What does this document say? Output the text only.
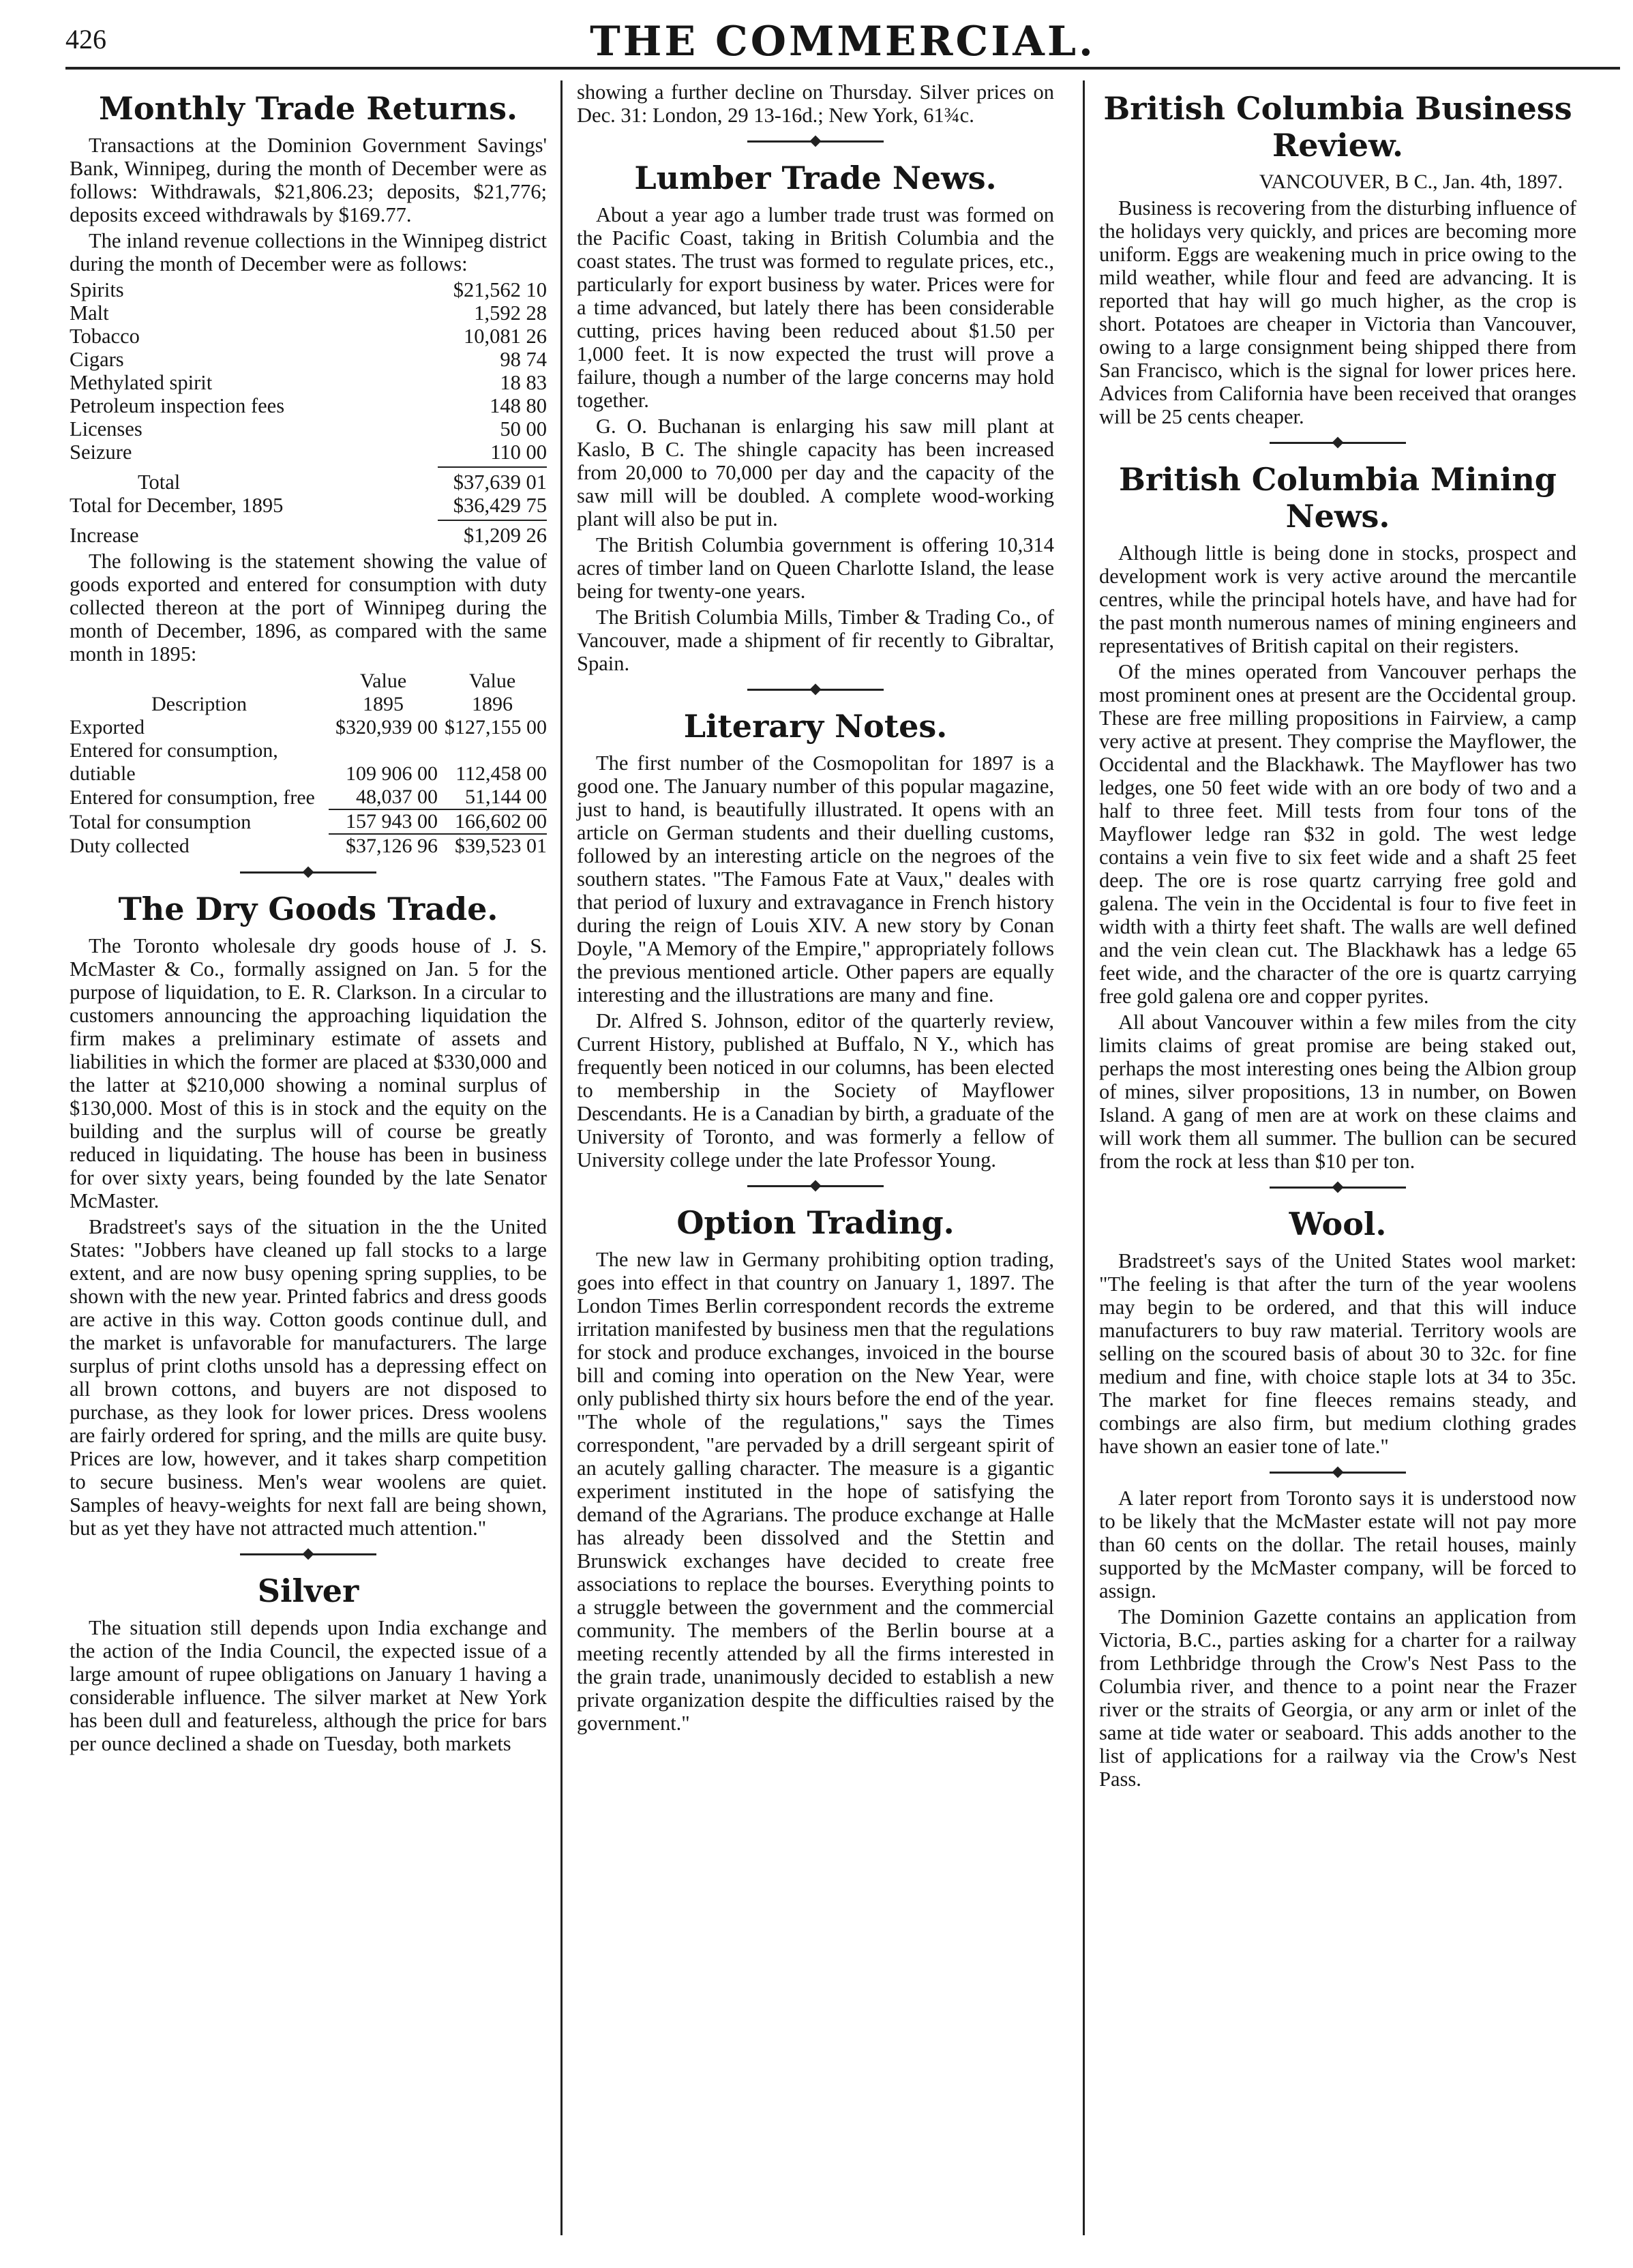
426	THE COMMERCIAL.
Monthly Trade Returns.

Transactions at the Dominion Government Savings' Bank, Winnipeg, during the month of December were as follows: Withdrawals, $21,806.23; deposits, $21,776; deposits exceed withdrawals by $169.77.

The inland revenue collections in the Winnipeg district during the month of December were as follows:

Spirits	$21,562 10
Malt	1,592 28
Tobacco	10,081 26
Cigars	98 74
Methylated spirit	18 83
Petroleum inspection fees	148 80
Licenses	50 00
Seizure	110 00
Total	$37,639 01
Total for December, 1895	$36,429 75
Increase	$1,209 26

The following is the statement showing the value of goods exported and entered for consumption with duty collected thereon at the port of Winnipeg during the month of December, 1896, as compared with the same month in 1895:

	Value	Value
Description	1895	1896
Exported	$320,939 00	$127,155 00
Entered for consumption, dutiable	109 906 00	112,458 00
Entered for consumption, free	48,037 00	51,144 00
Total for consumption	157 943 00	166,602 00
Duty collected	$37,126 96	$39,523 01
The Dry Goods Trade.

The Toronto wholesale dry goods house of J. S. McMaster & Co., formally assigned on Jan. 5 for the purpose of liquidation, to E. R. Clarkson. In a circular to customers announcing the approaching liquidation the firm makes a preliminary estimate of assets and liabilities in which the former are placed at $330,000 and the latter at $210,000 showing a nominal surplus of $130,000. Most of this is in stock and the equity on the building and the surplus will of course be greatly reduced in liquidating. The house has been in business for over sixty years, being founded by the late Senator McMaster.

Bradstreet's says of the situation in the the United States: "Jobbers have cleaned up fall stocks to a large extent, and are now busy opening spring supplies, to be shown with the new year. Printed fabrics and dress goods are active in this way. Cotton goods continue dull, and the market is unfavorable for manufacturers. The large surplus of print cloths unsold has a depressing effect on all brown cottons, and buyers are not disposed to purchase, as they look for lower prices. Dress woolens are fairly ordered for spring, and the mills are quite busy. Prices are low, however, and it takes sharp competition to secure business. Men's wear woolens are quiet. Samples of heavy-weights for next fall are being shown, but as yet they have not attracted much attention."

Silver

The situation still depends upon India exchange and the action of the India Council, the expected issue of a large amount of rupee obligations on January 1 having a considerable influence. The silver market at New York has been dull and featureless, although the price for bars per ounce declined a shade on Tuesday, both markets

showing a further decline on Thursday. Silver prices on Dec. 31: London, 29 13-16d.; New York, 61¾c.

Lumber Trade News.

About a year ago a lumber trade trust was formed on the Pacific Coast, taking in British Columbia and the coast states. The trust was formed to regulate prices, etc., particularly for export business by water. Prices were for a time advanced, but lately there has been considerable cutting, prices having been reduced about $1.50 per 1,000 feet. It is now expected the trust will prove a failure, though a number of the large concerns may hold together.

G. O. Buchanan is enlarging his saw mill plant at Kaslo, B C. The shingle capacity has been increased from 20,000 to 70,000 per day and the capacity of the saw mill will be doubled. A complete wood-working plant will also be put in.

The British Columbia government is offering 10,314 acres of timber land on Queen Charlotte Island, the lease being for twenty-one years.

The British Columbia Mills, Timber & Trading Co., of Vancouver, made a shipment of fir recently to Gibraltar, Spain.

Literary Notes.

The first number of the Cosmopolitan for 1897 is a good one. The January number of this popular magazine, just to hand, is beautifully illustrated. It opens with an article on German students and their duelling customs, followed by an interesting article on the negroes of the southern states. "The Famous Fate at Vaux," deales with that period of luxury and extravagance in French history during the reign of Louis XIV. A new story by Conan Doyle, "A Memory of the Empire," appropriately follows the previous mentioned article. Other papers are equally interesting and the illustrations are many and fine.

Dr. Alfred S. Johnson, editor of the quarterly review, Current History, published at Buffalo, N Y., which has frequently been noticed in our columns, has been elected to membership in the Society of Mayflower Descendants. He is a Canadian by birth, a graduate of the University of Toronto, and was formerly a fellow of University college under the late Professor Young.

Option Trading.

The new law in Germany prohibiting option trading, goes into effect in that country on January 1, 1897. The London Times Berlin correspondent records the extreme irritation manifested by business men that the regulations for stock and produce exchanges, invoiced in the bourse bill and coming into operation on the New Year, were only published thirty six hours before the end of the year. "The whole of the regulations," says the Times correspondent, "are pervaded by a drill sergeant spirit of an acutely galling character. The measure is a gigantic experiment instituted in the hope of satisfying the demand of the Agrarians. The produce exchange at Halle has already been dissolved and the Stettin and Brunswick exchanges have decided to create free associations to replace the bourses. Everything points to a struggle between the government and the commercial community. The members of the Berlin bourse at a meeting recently attended by all the firms interested in the grain trade, unanimously decided to establish a new private organization despite the difficulties raised by the government."

British Columbia Business Review.

VANCOUVER, B C., Jan. 4th, 1897.

Business is recovering from the disturbing influence of the holidays very quickly, and prices are becoming more uniform. Eggs are weakening much in price owing to the mild weather, while flour and feed are advancing. It is reported that hay will go much higher, as the crop is short. Potatoes are cheaper in Victoria than Vancouver, owing to a large consignment being shipped there from San Francisco, which is the signal for lower prices here. Advices from California have been received that oranges will be 25 cents cheaper.

British Columbia Mining News.

Although little is being done in stocks, prospect and development work is very active around the mercantile centres, while the principal hotels have, and have had for the past month numerous names of mining engineers and representatives of British capital on their registers.

Of the mines operated from Vancouver perhaps the most prominent ones at present are the Occidental group. These are free milling propositions in Fairview, a camp very active at present. They comprise the Mayflower, the Occidental and the Blackhawk. The Mayflower has two ledges, one 50 feet wide with an ore body of two and a half to three feet. Mill tests from four tons of the Mayflower ledge ran $32 in gold. The west ledge contains a vein five to six feet wide and a shaft 25 feet deep. The ore is rose quartz carrying free gold and galena. The vein in the Occidental is four to five feet in width with a thirty feet shaft. The walls are well defined and the vein clean cut. The Blackhawk has a ledge 65 feet wide, and the character of the ore is quartz carrying free gold galena ore and copper pyrites.

All about Vancouver within a few miles from the city limits claims of great promise are being staked out, perhaps the most interesting ones being the Albion group of mines, silver propositions, 13 in number, on Bowen Island. A gang of men are at work on these claims and will work them all summer. The bullion can be secured from the rock at less than $10 per ton.

Wool.

Bradstreet's says of the United States wool market: "The feeling is that after the turn of the year woolens may begin to be ordered, and that this will induce manufacturers to buy raw material. Territory wools are selling on the scoured basis of about 30 to 32c. for fine medium and fine, with choice staple lots at 34 to 35c. The market for fine fleeces remains steady, and combings are also firm, but medium clothing grades have shown an easier tone of late."

A later report from Toronto says it is understood now to be likely that the McMaster estate will not pay more than 60 cents on the dollar. The retail houses, mainly supported by the McMaster company, will be forced to assign.

The Dominion Gazette contains an application from Victoria, B.C., parties asking for a charter for a railway from Lethbridge through the Crow's Nest Pass to the Columbia river, and thence to a point near the Frazer river or the straits of Georgia, or any arm or inlet of the same at tide water or seaboard. This adds another to the list of applications for a railway via the Crow's Nest Pass.
